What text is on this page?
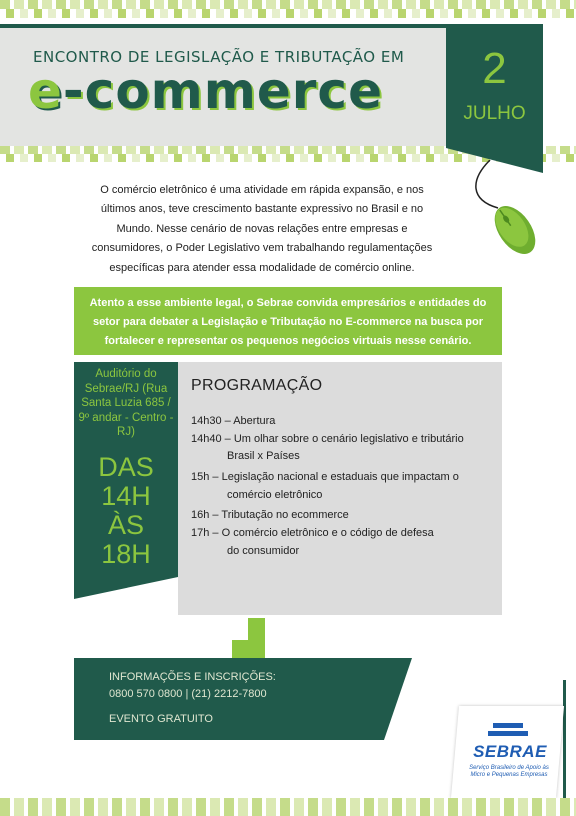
ENCONTRO DE LEGISLAÇÃO E TRIBUTAÇÃO EM
e-commerce	2
JULHO
O comércio eletrônico é uma atividade em rápida expansão, e nos últimos anos, teve crescimento bastante expressivo no Brasil e no Mundo. Nesse cenário de novas relações entre empresas e consumidores, o Poder Legislativo vem trabalhando regulamentações específicas para atender essa modalidade de comércio online.
Atento a esse ambiente legal, o Sebrae convida empresários e entidades do setor para debater a Legislação e Tributação no E-commerce na busca por fortalecer e representar os pequenos negócios virtuais nesse cenário.
Auditório do Sebrae/RJ (Rua Santa Luzia 685 / 9º andar - Centro - RJ)
DAS
14H
ÀS
18H
PROGRAMAÇÃO
14h30 – Abertura
14h40 – Um olhar sobre o cenário legislativo e tributário
Brasil x Países
15h – Legislação nacional e estaduais que impactam o
comércio eletrônico
16h – Tributação no ecommerce
17h – O comércio eletrônico e o código de defesa
do consumidor
INFORMAÇÕES E INSCRIÇÕES:
0800 570 0800 | (21) 2212-7800
EVENTO GRATUITO
SEBRAE
Serviço Brasileiro de Apoio às Micro e Pequenas Empresas
